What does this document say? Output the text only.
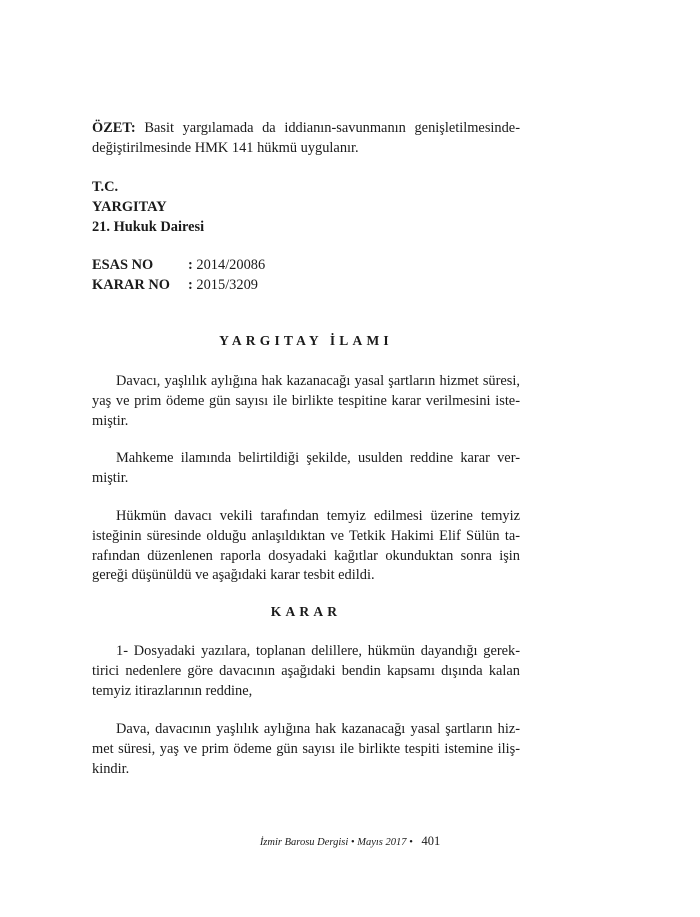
ÖZET: Basit yargılamada da iddianın-savunmanın genişletilmesinde-değiştirilmesinde HMK 141 hükmü uygulanır.
T.C.
YARGITAY
21. Hukuk Dairesi
ESAS NO : 2014/20086
KARAR NO : 2015/3209
YARGITAY İLAMI
Davacı, yaşlılık aylığına hak kazanacağı yasal şartların hizmet süresi,
yaş ve prim ödeme gün sayısı ile birlikte tespitine karar verilmesini iste-
miştir.
Mahkeme ilamında belirtildiği şekilde, usulden reddine karar ver-
miştir.
Hükmün davacı vekili tarafından temyiz edilmesi üzerine temyiz
isteğinin süresinde olduğu anlaşıldıktan ve Tetkik Hakimi Elif Sülün ta-
rafından düzenlenen raporla dosyadaki kağıtlar okunduktan sonra işin
gereği düşünüldü ve aşağıdaki karar tesbit edildi.
KARAR
1- Dosyadaki yazılara, toplanan delillere, hükmün dayandığı gerek-
tirici nedenlere göre davacının aşağıdaki bendin kapsamı dışında kalan
temyiz itirazlarının reddine,
Dava, davacının yaşlılık aylığına hak kazanacağı yasal şartların hiz-
met süresi, yaş ve prim ödeme gün sayısı ile birlikte tespiti istemine iliş-
kindir.
İzmir Barosu Dergisi • Mayıs 2017 • 401
